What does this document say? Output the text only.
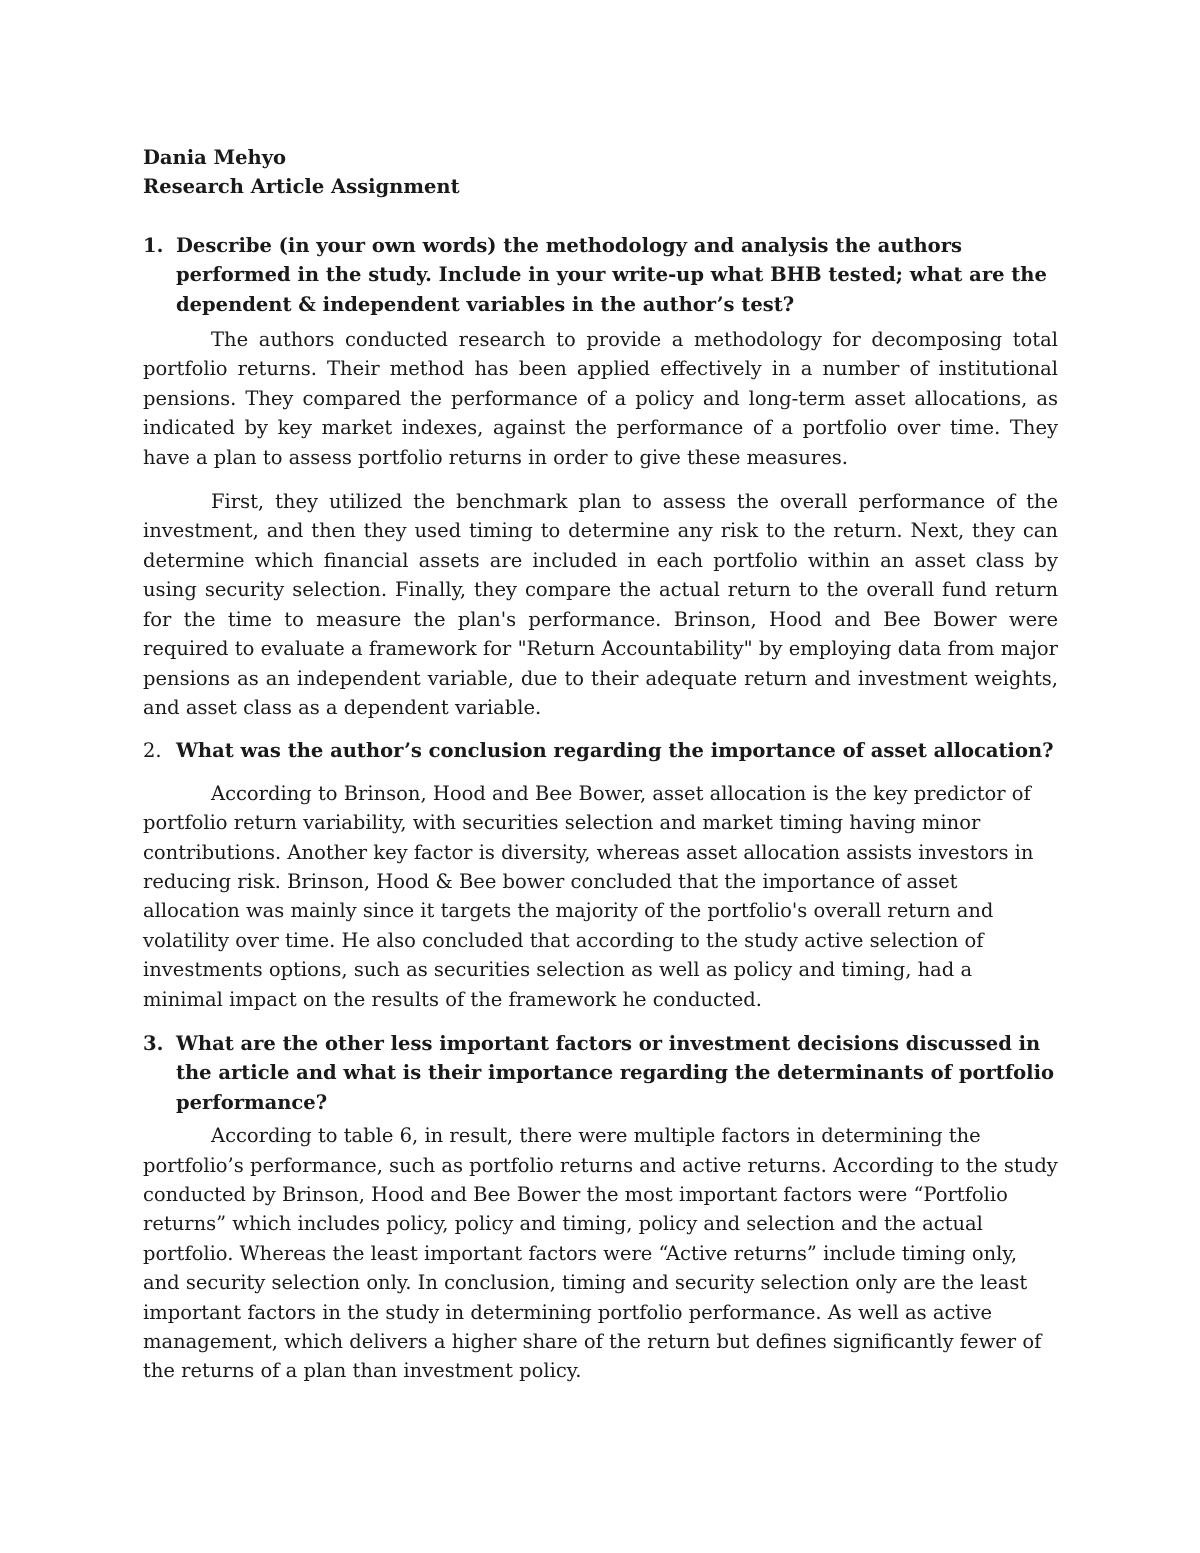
Dania Mehyo

Research Article Assignment

1. Describe (in your own words) the methodology and analysis the authors performed in the study. Include in your write-up what BHB tested; what are the dependent & independent variables in the author’s test?

The authors conducted research to provide a methodology for decomposing total portfolio returns. Their method has been applied effectively in a number of institutional pensions. They compared the performance of a policy and long-term asset allocations, as indicated by key market indexes, against the performance of a portfolio over time. They have a plan to assess portfolio returns in order to give these measures.

First, they utilized the benchmark plan to assess the overall performance of the investment, and then they used timing to determine any risk to the return. Next, they can determine which financial assets are included in each portfolio within an asset class by using security selection. Finally, they compare the actual return to the overall fund return for the time to measure the plan's performance. Brinson, Hood and Bee Bower were required to evaluate a framework for "Return Accountability" by employing data from major pensions as an independent variable, due to their adequate return and investment weights, and asset class as a dependent variable.

2. What was the author’s conclusion regarding the importance of asset allocation?

According to Brinson, Hood and Bee Bower, asset allocation is the key predictor of portfolio return variability, with securities selection and market timing having minor contributions. Another key factor is diversity, whereas asset allocation assists investors in reducing risk. Brinson, Hood & Bee bower concluded that the importance of asset allocation was mainly since it targets the majority of the portfolio's overall return and volatility over time. He also concluded that according to the study active selection of investments options, such as securities selection as well as policy and timing, had a minimal impact on the results of the framework he conducted.

3. What are the other less important factors or investment decisions discussed in the article and what is their importance regarding the determinants of portfolio performance?

According to table 6, in result, there were multiple factors in determining the portfolio’s performance, such as portfolio returns and active returns. According to the study conducted by Brinson, Hood and Bee Bower the most important factors were “Portfolio returns” which includes policy, policy and timing, policy and selection and the actual portfolio. Whereas the least important factors were “Active returns” include timing only, and security selection only. In conclusion, timing and security selection only are the least important factors in the study in determining portfolio performance. As well as active management, which delivers a higher share of the return but defines significantly fewer of the returns of a plan than investment policy.
